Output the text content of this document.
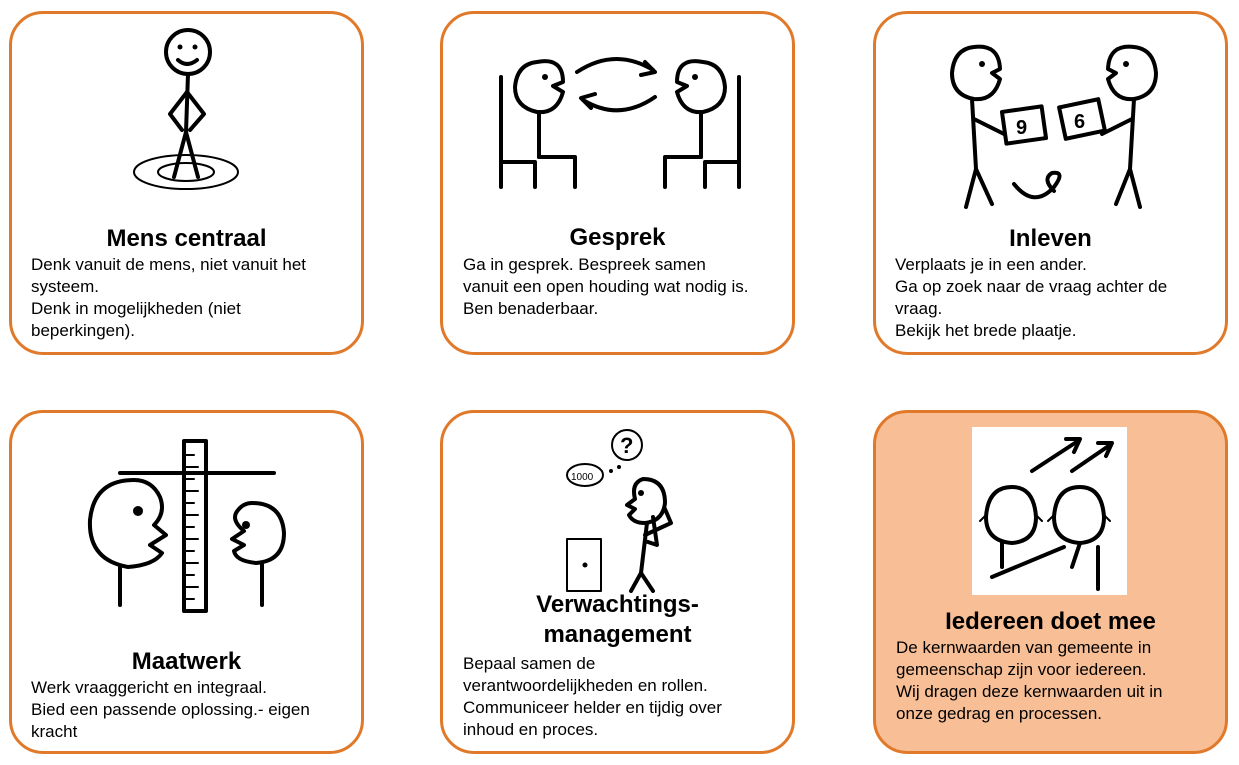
Mens centraal
Denk vanuit de mens, niet vanuit het
systeem.
Denk in mogelijkheden (niet
beperkingen).
Gesprek
Ga in gesprek. Bespreek samen
vanuit een open houding wat nodig is.
Ben benaderbaar.
9 6
Inleven
Verplaats je in een ander.
Ga op zoek naar de vraag achter de
vraag.
Bekijk het brede plaatje.
Maatwerk
Werk vraaggericht en integraal.
Bied een passende oplossing.- eigen
kracht
?
1000
Verwachtings-
management
Bepaal samen de
verantwoordelijkheden en rollen.
Communiceer helder en tijdig over
inhoud en proces.
Iedereen doet mee
De kernwaarden van gemeente in
gemeenschap zijn voor iedereen.
Wij dragen deze kernwaarden uit in
onze gedrag en processen.
